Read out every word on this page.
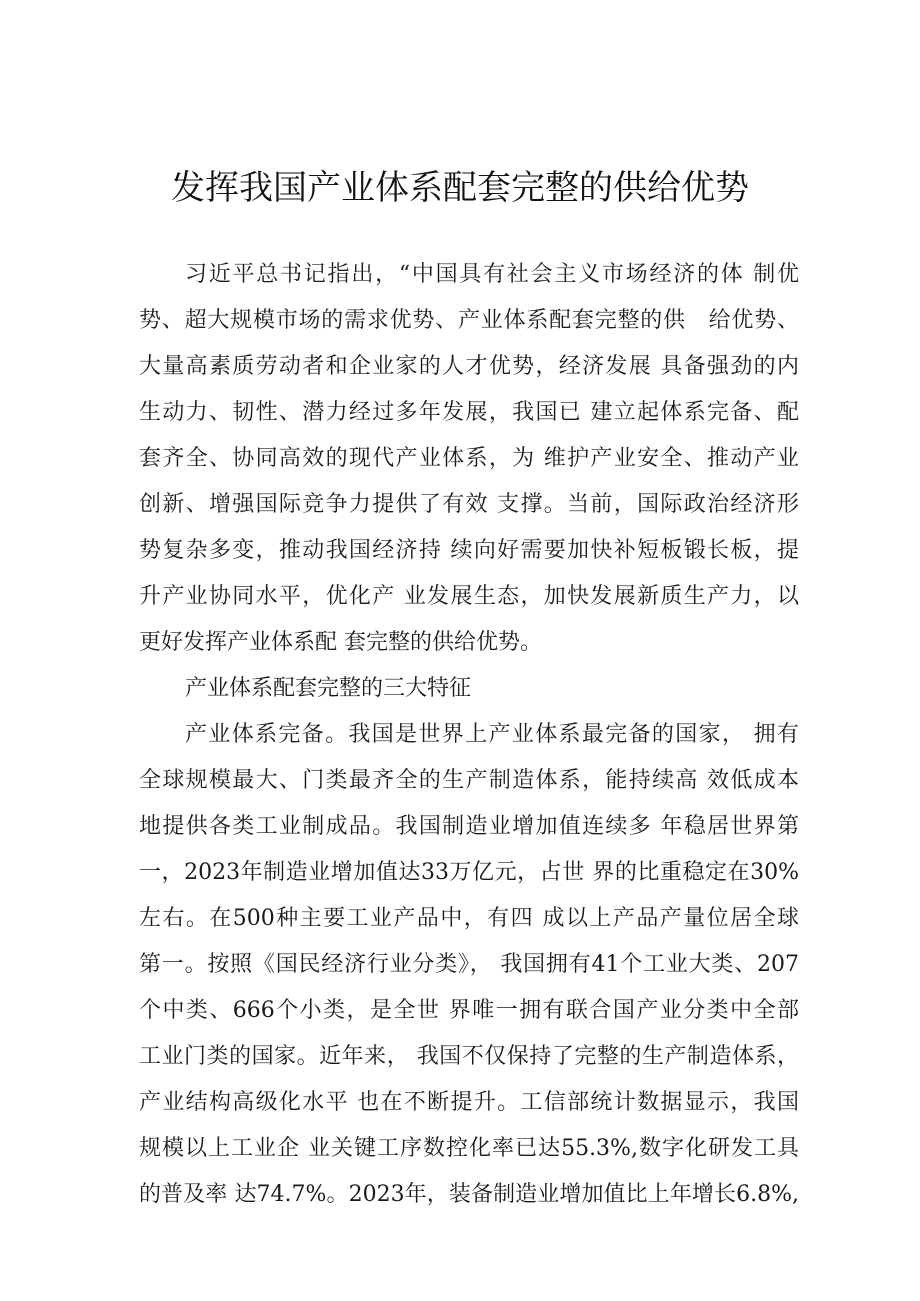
发挥我国产业体系配套完整的供给优势
习近平总书记指出，“中国具有社会主义市场经济的体 制优
势、超大规模市场的需求优势、产业体系配套完整的供　给优势、
大量高素质劳动者和企业家的人才优势，经济发展 具备强劲的内
生动力、韧性、潜力经过多年发展，我国已 建立起体系完备、配
套齐全、协同高效的现代产业体系，为 维护产业安全、推动产业
创新、增强国际竞争力提供了有效 支撑。当前，国际政治经济形
势复杂多变，推动我国经济持 续向好需要加快补短板锻长板，提
升产业协同水平，优化产 业发展生态，加快发展新质生产力，以
更好发挥产业体系配 套完整的供给优势。
产业体系配套完整的三大特征
产业体系完备。我国是世界上产业体系最完备的国家， 拥有
全球规模最大、门类最齐全的生产制造体系，能持续高 效低成本
地提供各类工业制成品。我国制造业增加值连续多 年稳居世界第
一，2023年制造业增加值达33万亿元，占世 界的比重稳定在30%
左右。在500种主要工业产品中，有四 成以上产品产量位居全球
第一。按照《国民经济行业分类》， 我国拥有41个工业大类、207
个中类、666个小类，是全世 界唯一拥有联合国产业分类中全部
工业门类的国家。近年来， 我国不仅保持了完整的生产制造体系，
产业结构高级化水平 也在不断提升。工信部统计数据显示，我国
规模以上工业企 业关键工序数控化率已达55.3%,数字化研发工具
的普及率 达74.7%。2023年，装备制造业增加值比上年增长6.8%,
